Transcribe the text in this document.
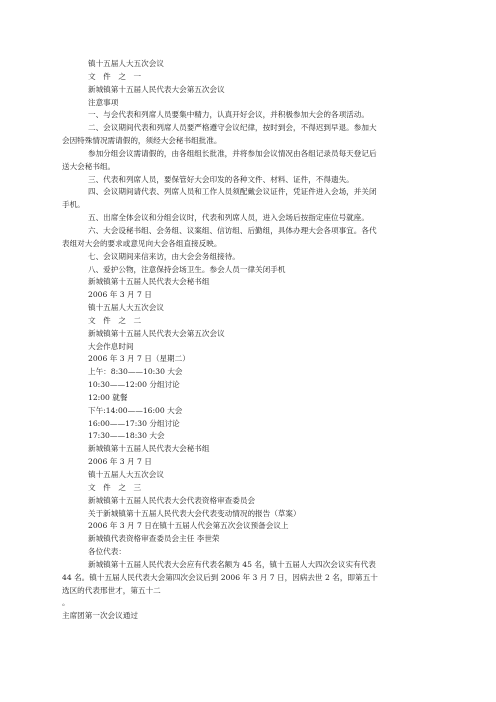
镇十五届人大五次会议
文　件　之　一
新城镇第十五届人民代表大会第五次会议
注意事项
一、与会代表和列席人员要集中精力，认真开好会议，并积极参加大会的各项活动。
二、会议期间代表和列席人员要严格遵守会议纪律，按时到会，不得迟到早退。参加大
会因特殊情况需请假的，须经大会秘书组批准。
参加分组会议需请假的，由各组组长批准，并将参加会议情况由各组记录员每天登记后
送大会秘书组。
三、代表和列席人员，要保管好大会印发的各种文件、材料、证件，不得遗失。
四、会议期间请代表、列席人员和工作人员须配戴会议证件，凭证件进入会场，并关闭
手机。
五、出席全体会议和分组会议时，代表和列席人员，进入会场后按指定座位号就座。
六、大会设秘书组、会务组、议案组、信访组、后勤组，具体办理大会各项事宜。各代
表组对大会的要求或意见向大会各组直接反映。
七、会议期间来信来访，由大会会务组接待。
八、爱护公物，注意保持会场卫生。参会人员一律关闭手机
新城镇第十五届人民代表大会秘书组
2006 年 3 月 7 日
镇十五届人大五次会议
文　件　之　二
新城镇第十五届人民代表大会第五次会议
大会作息时间
2006 年 3 月 7 日（星期二）
上午：8:30——10:30 大会
10:30——12:00 分组讨论
12:00 就餐
下午:14:00——16:00 大会
16:00——17:30 分组讨论
17:30——18:30 大会
新城镇第十五届人民代表大会秘书组
2006 年 3 月 7 日
镇十五届人大五次会议
文　件　之　三
新城镇第十五届人民代表大会代表资格审查委员会
关于新城镇第十五届人民代表大会代表变动情况的报告（草案）
2006 年 3 月 7 日在镇十五届人代会第五次会议预备会议上
新城镇代表资格审查委员会主任 李世荣
各位代表：
新城镇第十五届人民代表大会应有代表名额为 45 名，镇十五届人大四次会议实有代表
44 名。镇十五届人民代表大会第四次会议后到 2006 年 3 月 7 日，因病去世 2 名，即第五十
选区的代表邢世才，第五十二
。
主席团第一次会议通过
